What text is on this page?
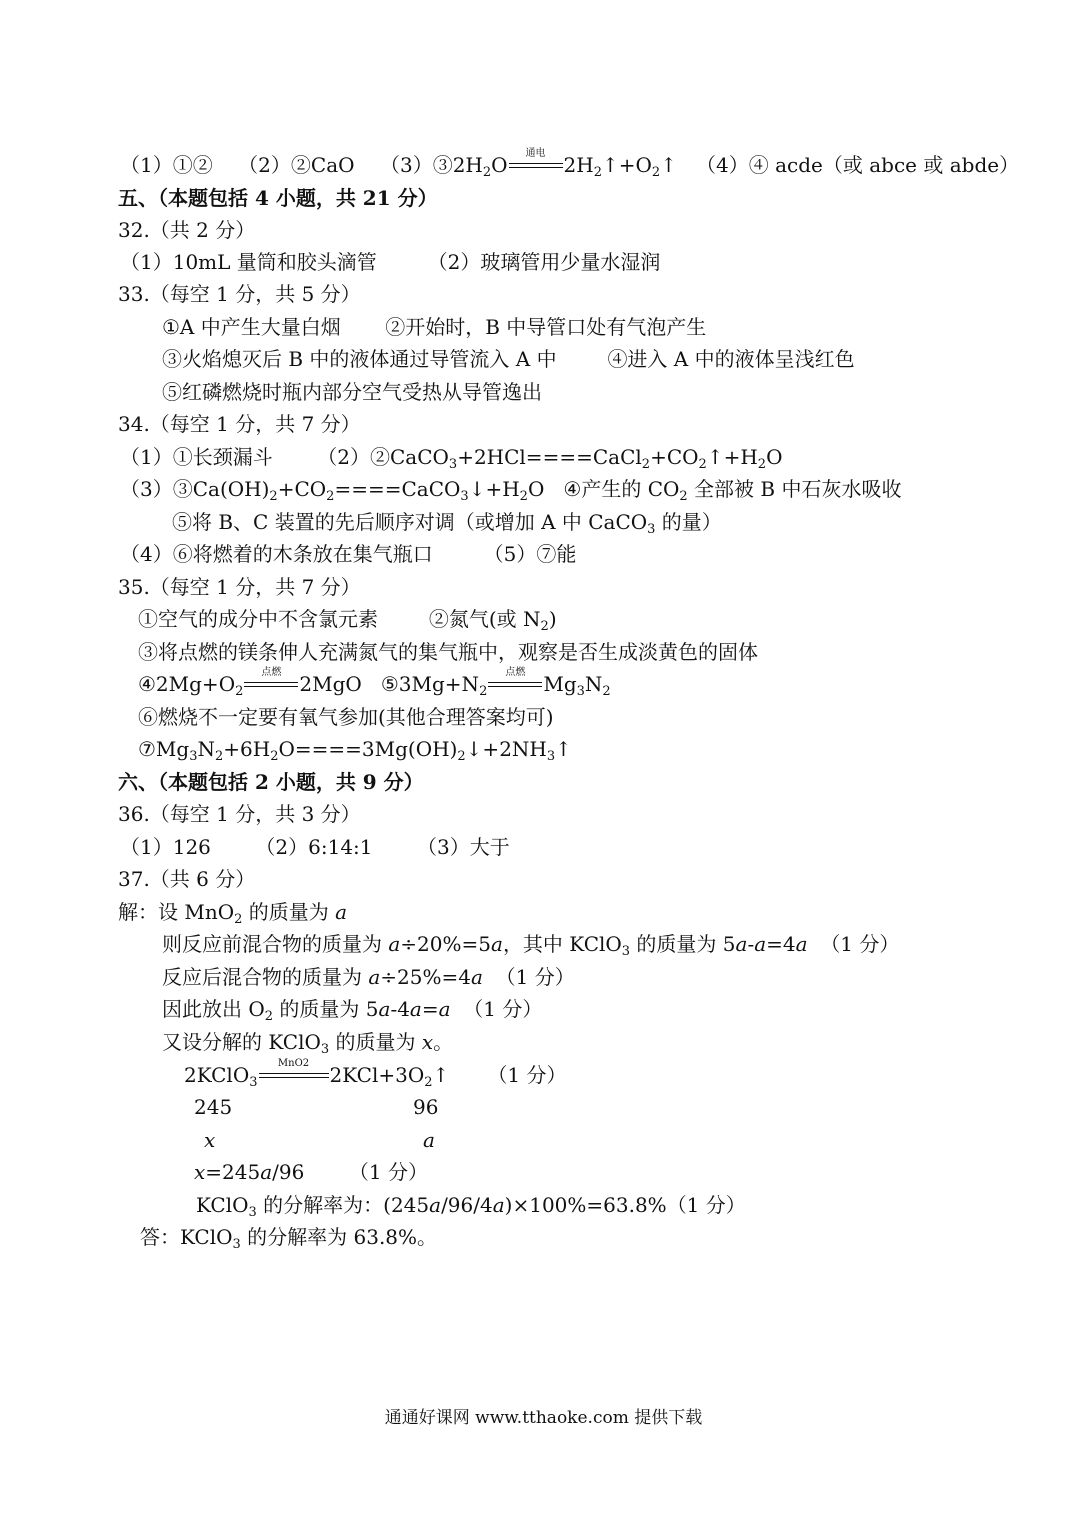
（1）①② （2）②CaO $(3)③2H_2O$	通电 $2H_2↑+O_2↑$ （4）④ acde（或 abce 或 abde）
五、（本题包括 4 小题，共 21 分）
32.（共 2 分）
（1）10mL 量筒和胶头滴管	（2）玻璃管用少量水湿润
33.（每空 1 分，共 5 分）
①A 中产生大量白烟 ②开始时，B 中导管口处有气泡产生
③火焰熄灭后 B 中的液体通过导管流入 A 中	④进入 A 中的液体呈浅红色
⑤红磷燃烧时瓶内部分空气受热从导管逸出
34.（每空 1 分，共 7 分）
（1）①长颈漏斗 $(2)②CaCO_3+2HCl====CaCl_2+CO_2↑+H_2O$
$(3)③Ca(OH)_2+CO_2====CaCO_3↓+H_2O$ ④产生的 $CO_2$ 全部被 B 中石灰水吸收
⑤将 B、C 装置的先后顺序对调（或增加 A 中 CaCO$_3$ 的量）
（4）⑥将燃着的木条放在集气瓶口	（5）⑦能
35.（每空 1 分，共 7 分）
①空气的成分中不含氯元素	②氮气(或 $N_2$)
③将点燃的镁条伸人充满氮气的集气瓶中，观察是否生成淡黄色的固体
$④2Mg+O_2$
点燃 2MgO $⑤3Mg+N_2$
点燃 $Mg_3N_2$
⑥燃烧不一定要有氧气参加(其他合理答案均可)
$⑦Mg_3N_2+6H_2O====3Mg(OH)_2↓+2NH_3↑$
六、（本题包括 2 小题，共 9 分）
36.（每空 1 分，共 3 分）
（1）126 （2）6:14:1 （3）大于
37.（共 6 分）
解：设 MnO$_2$ 的质量为 a
则反应前混合物的质量为 a÷20%=5a，其中 KClO$_3$ 的质量为 5a-a=4a （1 分）
反应后混合物的质量为 a÷25%=4a （1 分）
因此放出 $O_2$ 的质量为 5a-4a=a （1 分）
又设分解的 KClO$_3$ 的质量为 x。
2KClO$_3$
MnO2	$2KCl+3O_2↑$ （1 分）
245	96
x	a
x=245a/96 （1 分）
KClO$_3$ 的分解率为：(245a/96/4a)×100%=63.8%（1 分）
答：KClO$_3$ 的分解率为 63.8%。
通通好课网 www.tthaoke.com 提供下载
